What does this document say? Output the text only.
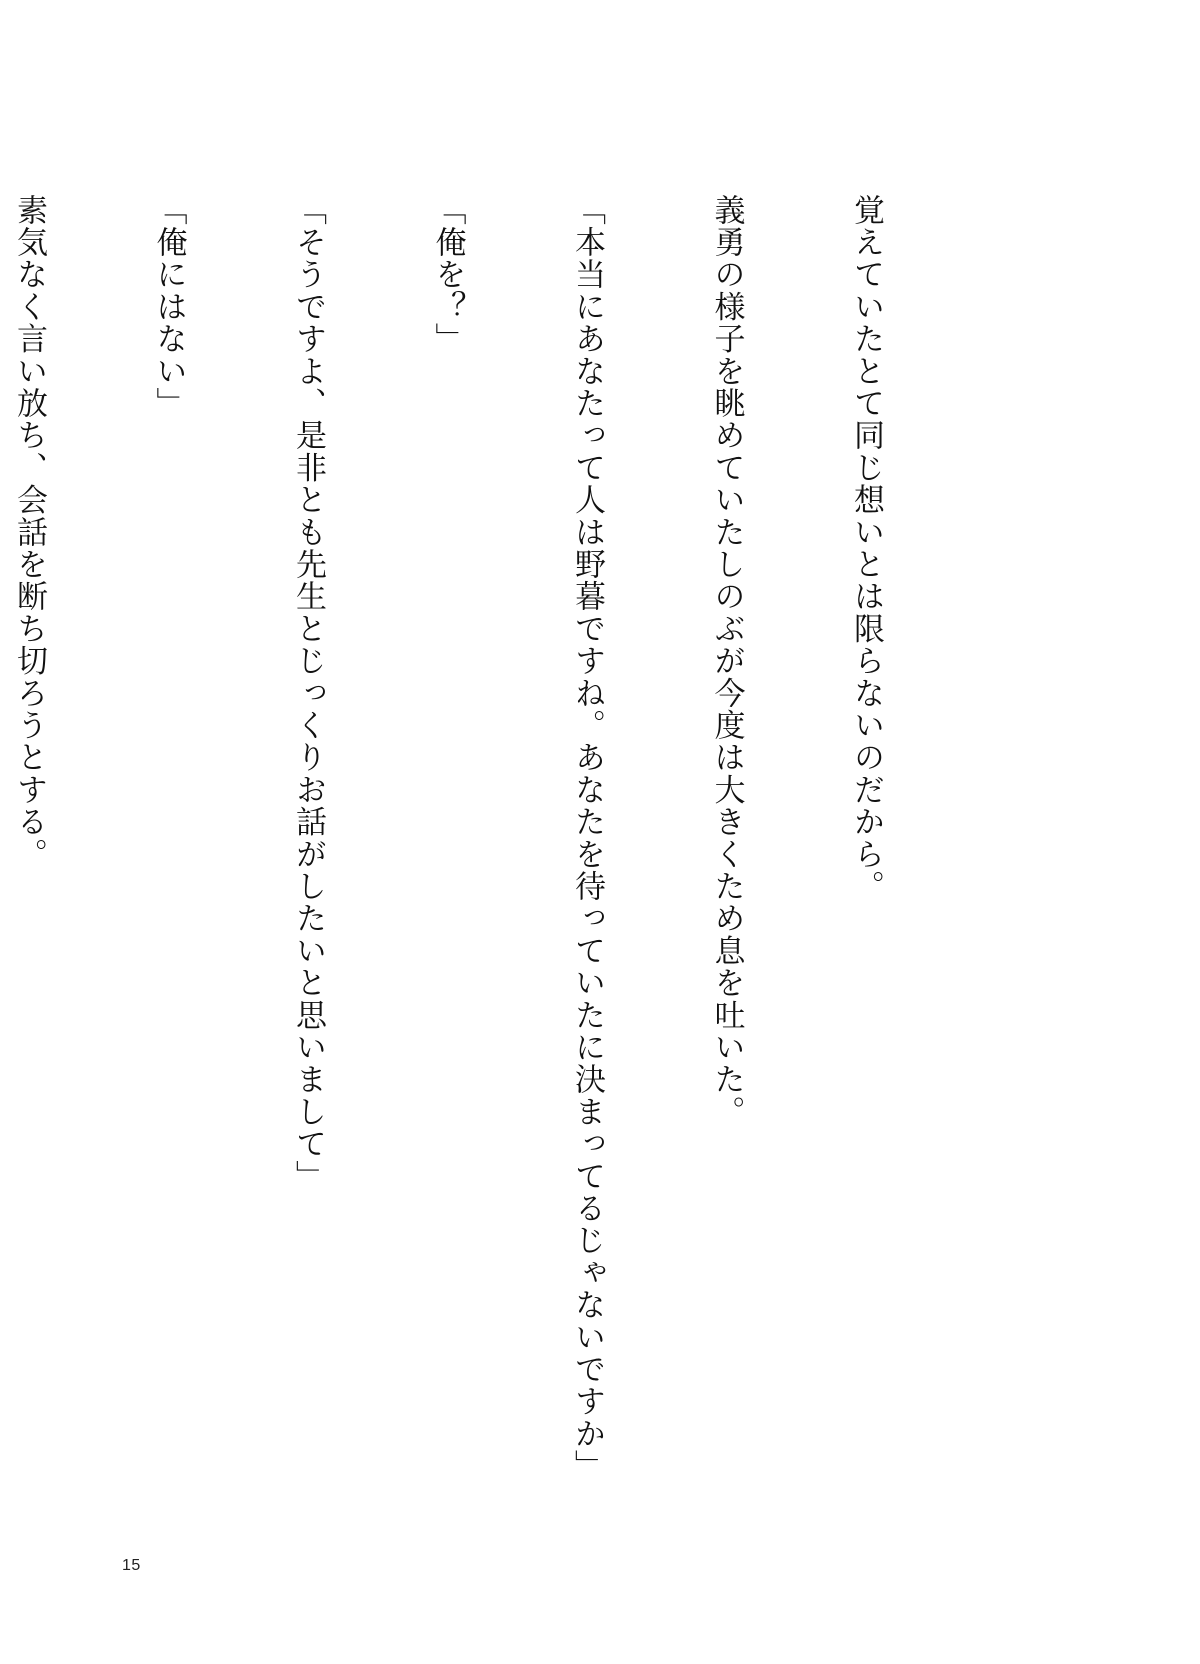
覚えていたとて同じ想いとは限らないのだから。

義勇の様子を眺めていたしのぶが今度は大きくため息を吐いた。

「本当にあなたって人は野暮ですね。あなたを待っていたに決まってるじゃないですか」

「俺を？」

「そうですよ、是非とも先生とじっくりお話がしたいと思いまして」

「俺にはない」

素気なく言い放ち、会話を断ち切ろうとする。

15
